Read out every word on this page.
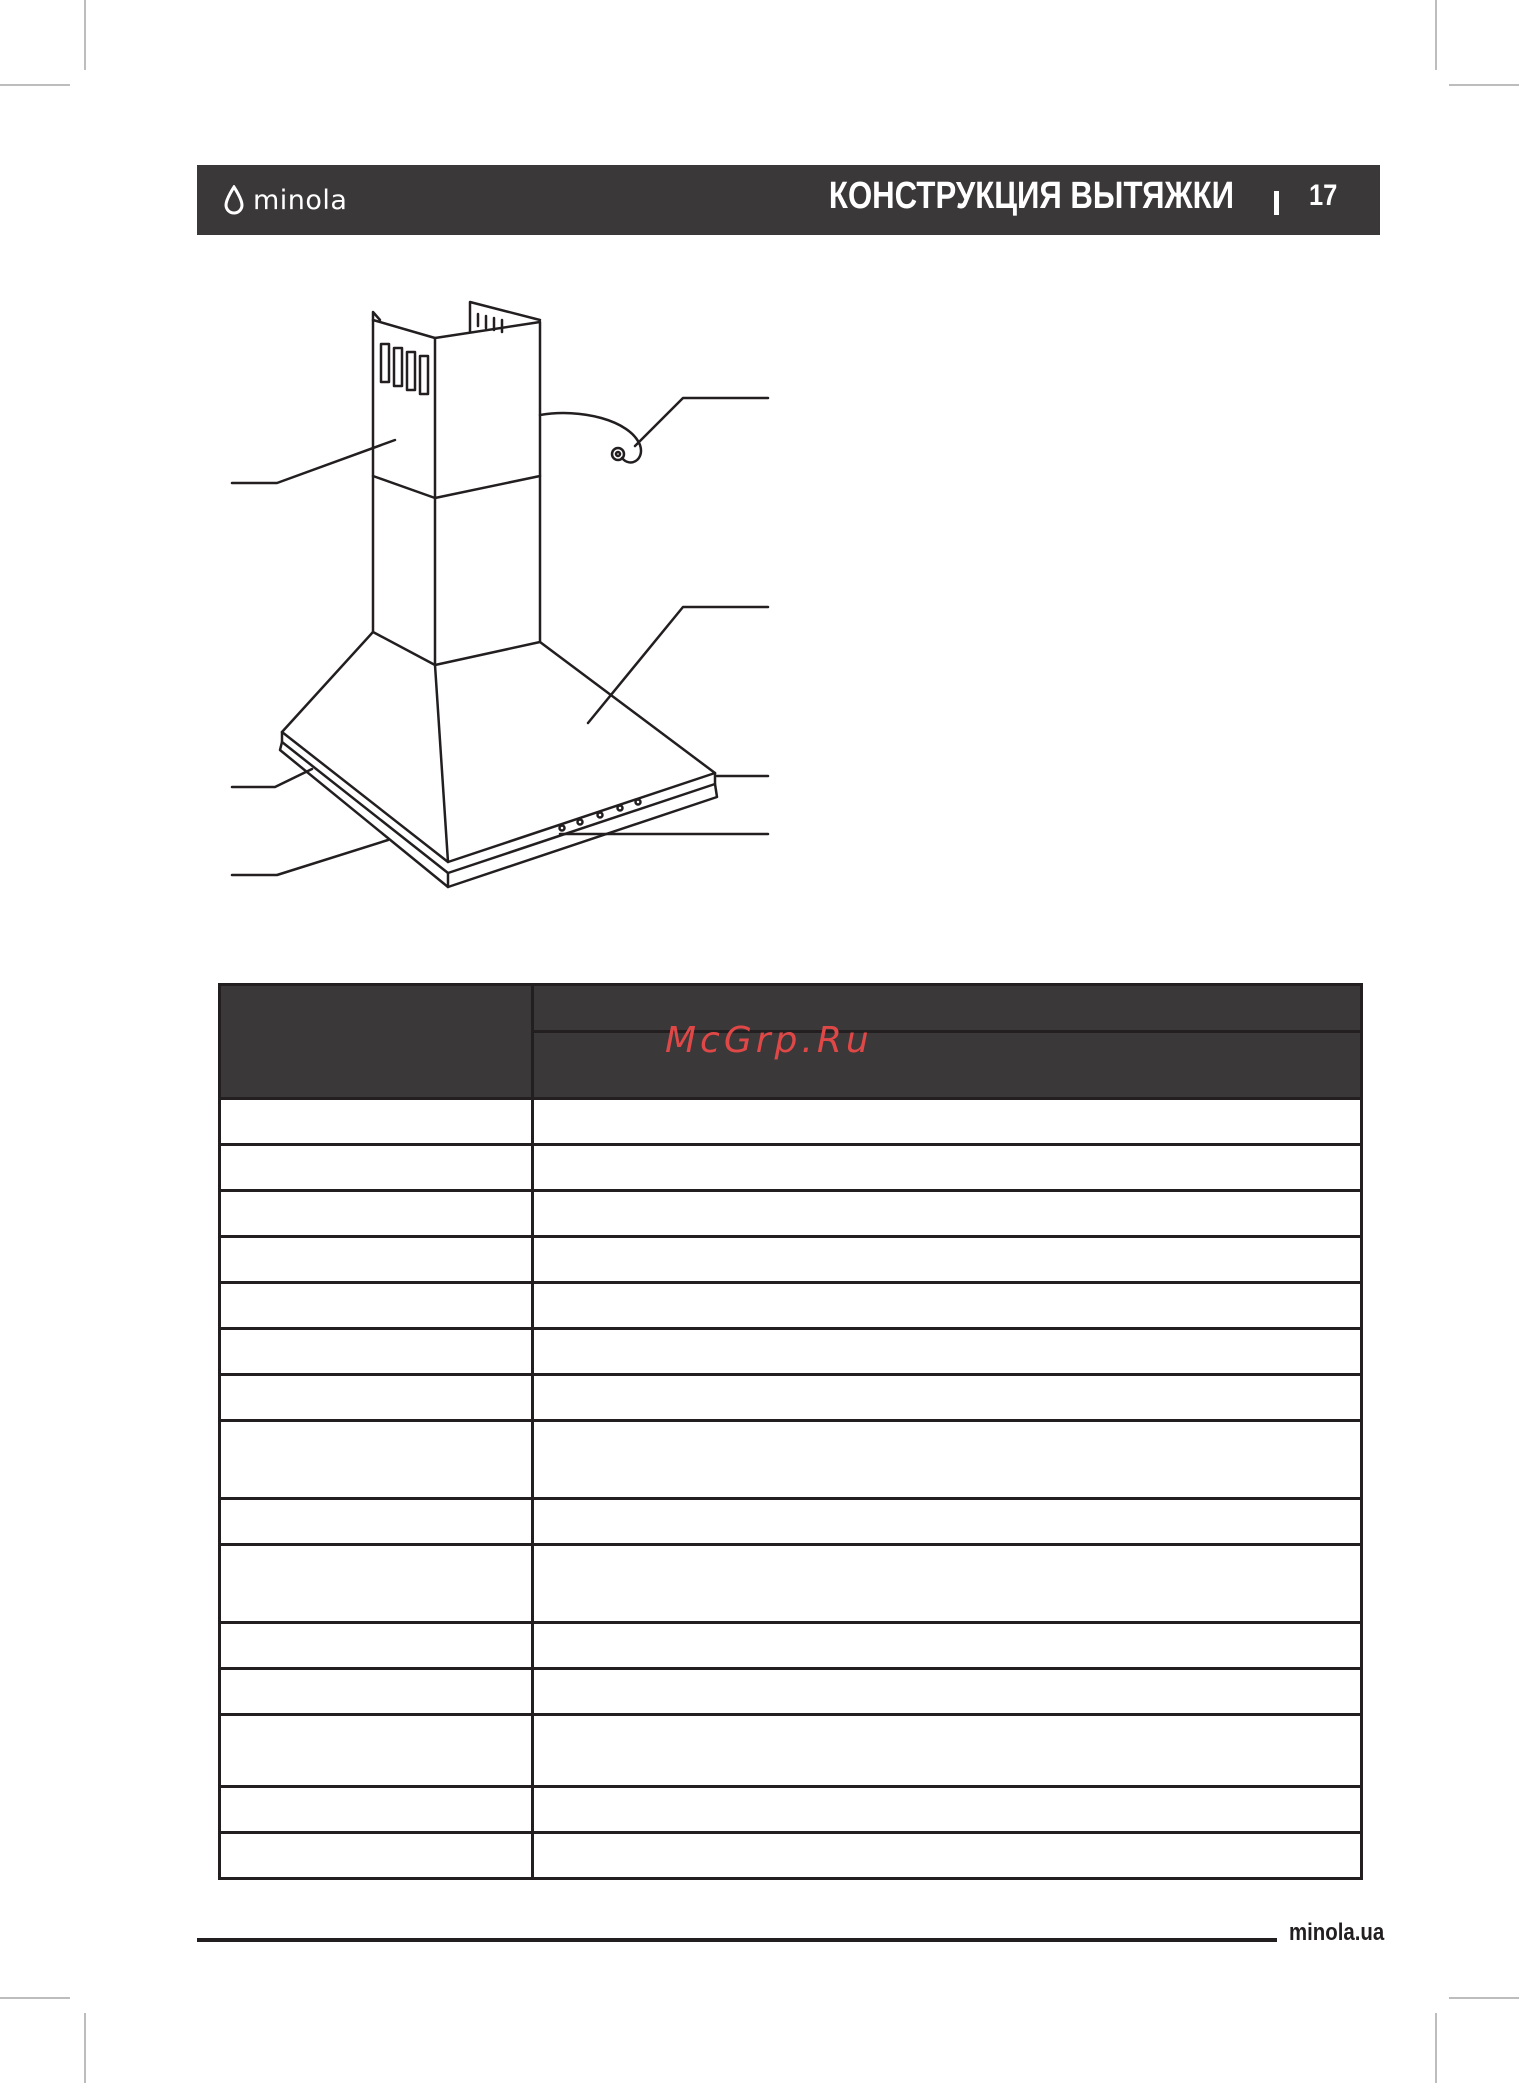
minola	КОНСТРУКЦИЯ ВЫТЯЖКИ	17

McGrp.Ru
minola.ua
